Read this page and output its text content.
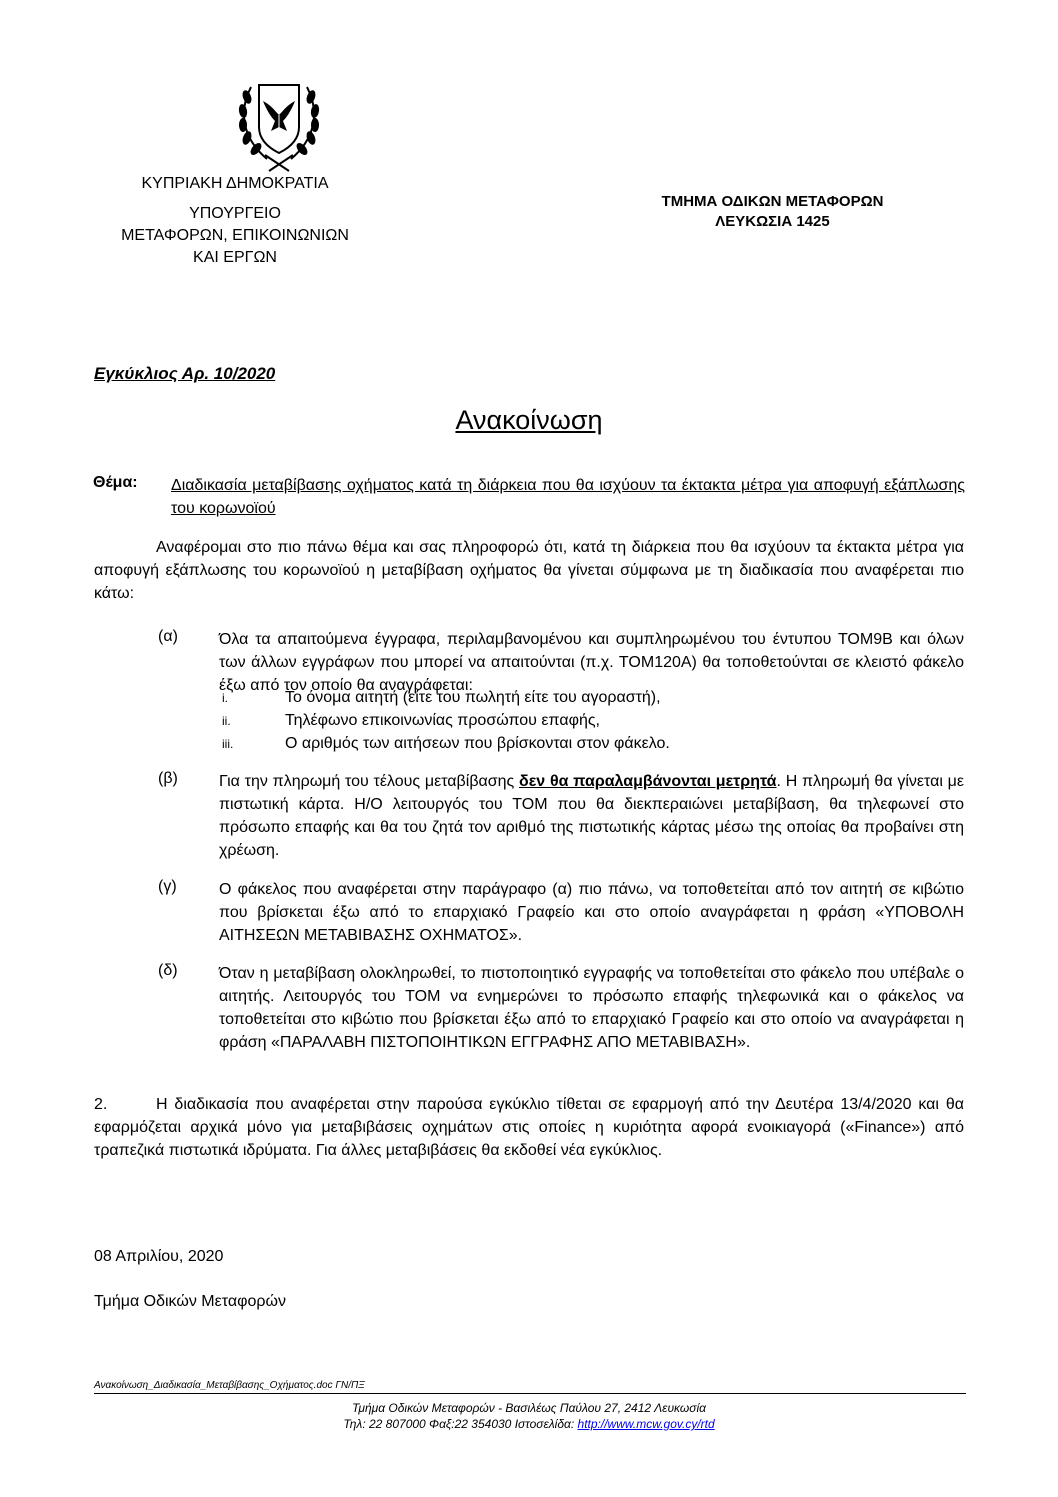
ΚΥΠΡΙΑΚΗ ΔΗΜΟΚΡΑΤΙΑ
ΥΠΟΥΡΓΕΙΟ
ΜΕΤΑΦΟΡΩΝ, ΕΠΙΚΟΙΝΩΝΙΩΝ
ΚΑΙ ΕΡΓΩΝ
ΤΜΗΜΑ ΟΔΙΚΩΝ ΜΕΤΑΦΟΡΩΝ
ΛΕΥΚΩΣΙΑ 1425
Εγκύκλιος Αρ. 10/2020
Ανακοίνωση
Θέμα: Διαδικασία μεταβίβασης οχήματος κατά τη διάρκεια που θα ισχύουν τα έκτακτα μέτρα για αποφυγή εξάπλωσης του κορωνοϊού
Αναφέρομαι στο πιο πάνω θέμα και σας πληροφορώ ότι, κατά τη διάρκεια που θα ισχύουν τα έκτακτα μέτρα για αποφυγή εξάπλωσης του κορωνοϊού η μεταβίβαση οχήματος θα γίνεται σύμφωνα με τη διαδικασία που αναφέρεται πιο κάτω:
(α)	Όλα τα απαιτούμενα έγγραφα, περιλαμβανομένου και συμπληρωμένου του έντυπου ΤΟΜ9Β και όλων των άλλων εγγράφων που μπορεί να απαιτούνται (π.χ. ΤΟΜ120Α) θα τοποθετούνται σε κλειστό φάκελο έξω από τον οποίο θα αναγράφεται:
i.	Το όνομα αιτητή (είτε του πωλητή είτε του αγοραστή),
ii.	Τηλέφωνο επικοινωνίας προσώπου επαφής,
iii.	Ο αριθμός των αιτήσεων που βρίσκονται στον φάκελο.
(β)	Για την πληρωμή του τέλους μεταβίβασης δεν θα παραλαμβάνονται μετρητά. Η πληρωμή θα γίνεται με πιστωτική κάρτα. Η/Ο λειτουργός του ΤΟΜ που θα διεκπεραιώνει μεταβίβαση, θα τηλεφωνεί στο πρόσωπο επαφής και θα του ζητά τον αριθμό της πιστωτικής κάρτας μέσω της οποίας θα προβαίνει στη χρέωση.
(γ)	Ο φάκελος που αναφέρεται στην παράγραφο (α) πιο πάνω, να τοποθετείται από τον αιτητή σε κιβώτιο που βρίσκεται έξω από το επαρχιακό Γραφείο και στο οποίο αναγράφεται η φράση «ΥΠΟΒΟΛΗ ΑΙΤΗΣΕΩΝ ΜΕΤΑΒΙΒΑΣΗΣ ΟΧΗΜΑΤΟΣ».
(δ)	Όταν η μεταβίβαση ολοκληρωθεί, το πιστοποιητικό εγγραφής να τοποθετείται στο φάκελο που υπέβαλε ο αιτητής. Λειτουργός του ΤΟΜ να ενημερώνει το πρόσωπο επαφής τηλεφωνικά και ο φάκελος να τοποθετείται στο κιβώτιο που βρίσκεται έξω από το επαρχιακό Γραφείο και στο οποίο να αναγράφεται η φράση «ΠΑΡΑΛΑΒΗ ΠΙΣΤΟΠΟΙΗΤΙΚΩΝ ΕΓΓΡΑΦΗΣ ΑΠΟ ΜΕΤΑΒΙΒΑΣΗ».
2.	Η διαδικασία που αναφέρεται στην παρούσα εγκύκλιο τίθεται σε εφαρμογή από την Δευτέρα 13/4/2020 και θα εφαρμόζεται αρχικά μόνο για μεταβιβάσεις οχημάτων στις οποίες η κυριότητα αφορά ενοικιαγορά («Finance») από τραπεζικά πιστωτικά ιδρύματα. Για άλλες μεταβιβάσεις θα εκδοθεί νέα εγκύκλιος.
08 Απριλίου, 2020
Τμήμα Οδικών Μεταφορών
Ανακοίνωση_Διαδικασία_Μεταβίβασης_Οχήματος.doc ΓΝ/ΠΞ
Τμήμα Οδικών Μεταφορών - Βασιλέως Παύλου 27, 2412 Λευκωσία
Τηλ: 22 807000 Φαξ:22 354030 Ιστοσελίδα: http://www.mcw.gov.cy/rtd
